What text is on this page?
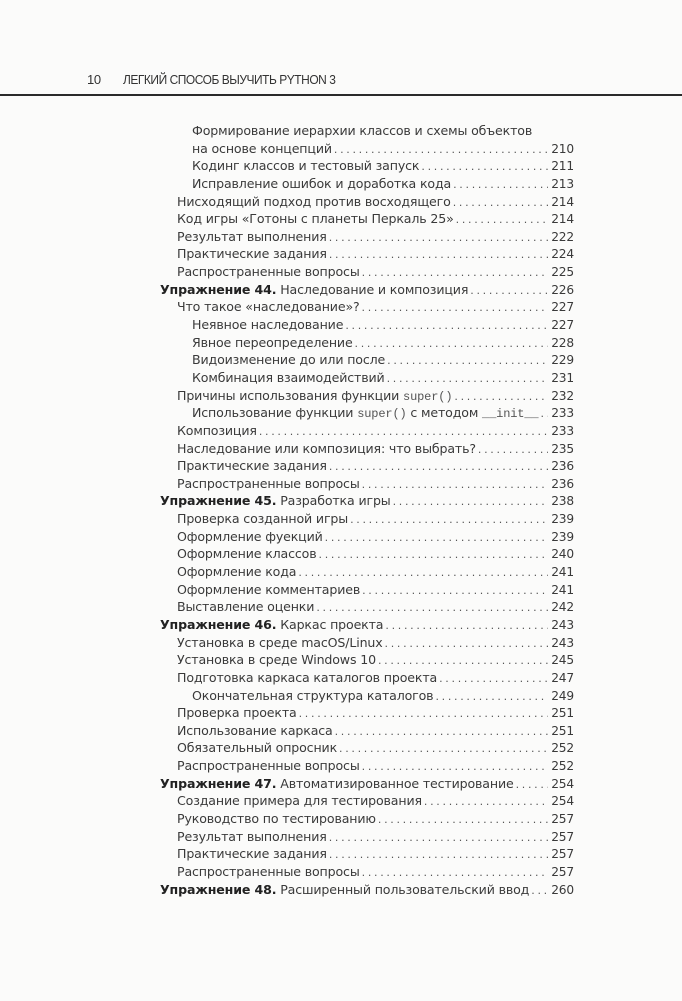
10 ЛЕГКИЙ СПОСОБ ВЫУЧИТЬ PYTHON 3
Формирование иерархии классов и схемы объектов
на основе концепций . . .	210
Кодинг классов и тестовый запуск . . .	211
Исправление ошибок и доработка кода . . .	213
Нисходящий подход против восходящего . . .	214
Код игры «Готоны с планеты Перкаль 25» . . .	214
Результат выполнения . . .	222
Практические задания . . .	224
Распространенные вопросы . . .	225
Упражнение 44. Наследование и композиция . . .	226
Что такое «наследование»? . . .	227
Неявное наследование . . .	227
Явное переопределение . . .	228
Видоизменение до или после . . .	229
Комбинация взаимодействий . . .	231
Причины использования функции super() . . .	232
Использование функции super() с методом __init__ . . . 233
Композиция . . .	233
Наследование или композиция: что выбрать? . . .	235
Практические задания . . .	236
Распространенные вопросы . . .	236
Упражнение 45. Разработка игры . . .	238
Проверка созданной игры . . .	239
Оформление фуекций . . .	239
Оформление классов . . .	240
Оформление кода . . .	241
Оформление комментариев . . .	241
Выставление оценки . . .	242
Упражнение 46. Каркас проекта . . .	243
Установка в среде macOS/Linux . . .	243
Установка в среде Windows 10 . . .	245
Подготовка каркаса каталогов проекта . . .	247
Окончательная структура каталогов . . .	249
Проверка проекта . . .	251
Использование каркаса . . .	251
Обязательный опросник . . .	252
Распространенные вопросы . . .	252
Упражнение 47. Автоматизированное тестирование . . .	254
Создание примера для тестирования . . .	254
Руководство по тестированию . . .	257
Результат выполнения . . .	257
Практические задания . . .	257
Распространенные вопросы . . .	257
Упражнение 48. Расширенный пользовательский ввод . . . 260
